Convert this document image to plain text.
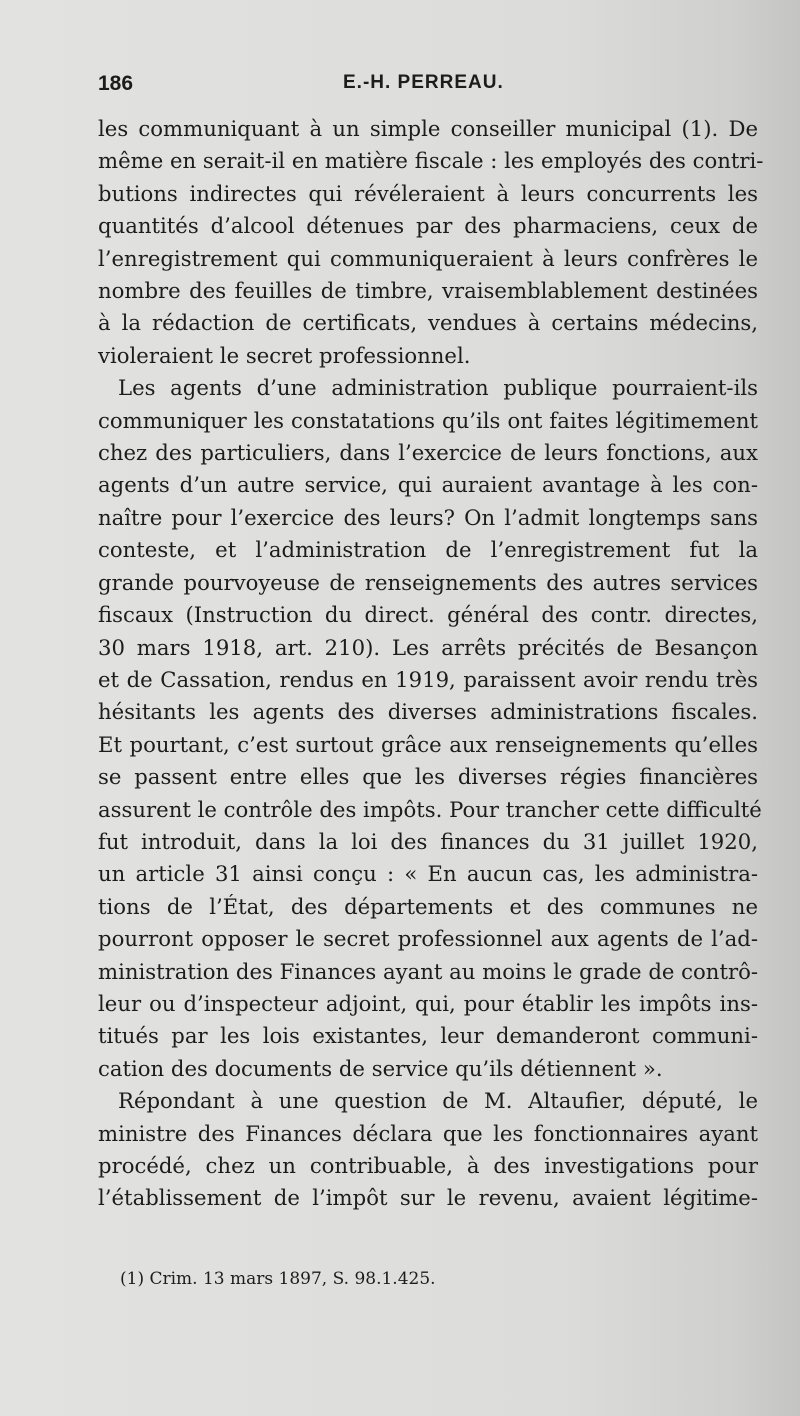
186	E.-H. PERREAU.
les communiquant à un simple conseiller municipal (1). De
même en serait-il en matière fiscale : les employés des contri-
butions indirectes qui révéleraient à leurs concurrents les
quantités d’alcool détenues par des pharmaciens, ceux de
l’enregistrement qui communiqueraient à leurs confrères le
nombre des feuilles de timbre, vraisemblablement destinées
à la rédaction de certificats, vendues à certains médecins,
violeraient le secret professionnel.
Les agents d’une administration publique pourraient-ils
communiquer les constatations qu’ils ont faites légitimement
chez des particuliers, dans l’exercice de leurs fonctions, aux
agents d’un autre service, qui auraient avantage à les con-
naître pour l’exercice des leurs? On l’admit longtemps sans
conteste, et l’administration de l’enregistrement fut la
grande pourvoyeuse de renseignements des autres services
fiscaux (Instruction du direct. général des contr. directes,
30 mars 1918, art. 210). Les arrêts précités de Besançon
et de Cassation, rendus en 1919, paraissent avoir rendu très
hésitants les agents des diverses administrations fiscales.
Et pourtant, c’est surtout grâce aux renseignements qu’elles
se passent entre elles que les diverses régies financières
assurent le contrôle des impôts. Pour trancher cette difficulté
fut introduit, dans la loi des finances du 31 juillet 1920,
un article 31 ainsi conçu : « En aucun cas, les administra-
tions de l’État, des départements et des communes ne
pourront opposer le secret professionnel aux agents de l’ad-
ministration des Finances ayant au moins le grade de contrô-
leur ou d’inspecteur adjoint, qui, pour établir les impôts ins-
titués par les lois existantes, leur demanderont communi-
cation des documents de service qu’ils détiennent ».
Répondant à une question de M. Altaufier, député, le
ministre des Finances déclara que les fonctionnaires ayant
procédé, chez un contribuable, à des investigations pour
l’établissement de l’impôt sur le revenu, avaient légitime-
(1) Crim. 13 mars 1897, S. 98.1.425.
